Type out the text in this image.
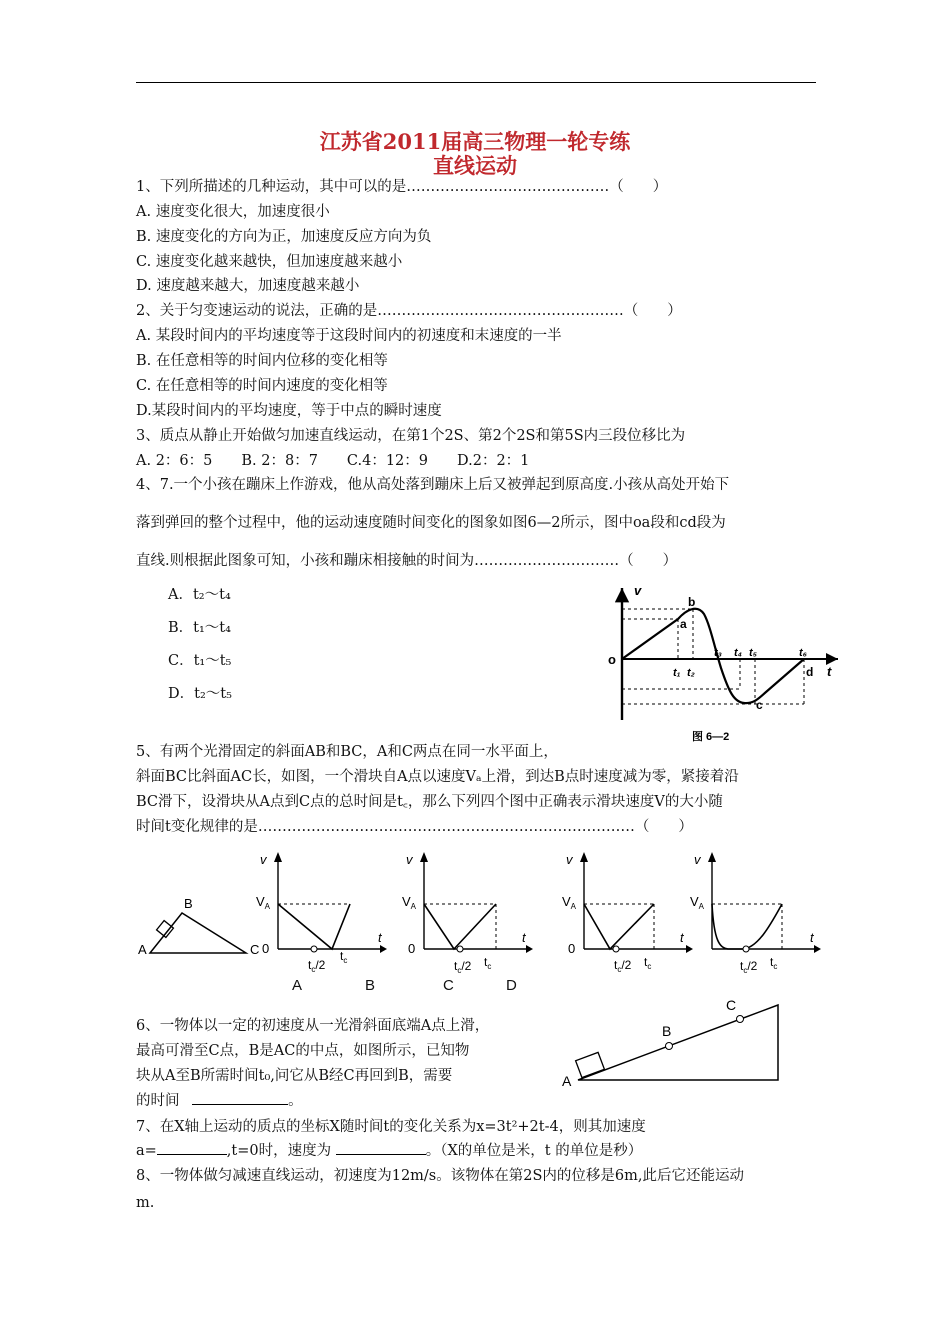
江苏省2011届高三物理一轮专练
直线运动
1、下列所描述的几种运动，其中可以的是……………………………………（　　）
A. 速度变化很大，加速度很小
B. 速度变化的方向为正，加速度反应方向为负
C. 速度变化越来越快，但加速度越来越小
D. 速度越来越大，加速度越来越小
2、关于匀变速运动的说法，正确的是……………………………………………（　　）
A. 某段时间内的平均速度等于这段时间内的初速度和末速度的一半
B. 在任意相等的时间内位移的变化相等
C. 在任意相等的时间内速度的变化相等
D.某段时间内的平均速度，等于中点的瞬时速度
3、质点从静止开始做匀加速直线运动，在第1个2S、第2个2S和第5S内三段位移比为
A. 2：6：5　　B. 2：8：7　　C.4：12：9　　D.2：2：1
4、7.一个小孩在蹦床上作游戏，他从高处落到蹦床上后又被弹起到原高度.小孩从高处开始下
落到弹回的整个过程中，他的运动速度随时间变化的图象如图6—2所示，图中oa段和cd段为
直线.则根据此图象可知，小孩和蹦床相接触的时间为…………………………（　　）
A．t₂～t₄
B．t₁～t₄
C．t₁～t₅
D．t₂～t₅
v
t
o
a
b
c
d
t₁ t₂
t₃ t₄ t₅	t₆
图 6—2
5、有两个光滑固定的斜面AB和BC，A和C两点在同一水平面上，
斜面BC比斜面AC长，如图，一个滑块自A点以速度Vₐ上滑，到达B点时速度减为零，紧接着沿
BC滑下，设滑块从A点到C点的总时间是t꜀，那么下列四个图中正确表示滑块速度V的大小随
时间t变化规律的是……………………………………………………………………（　　）
A
B
C
v
t
0
$V_A$
$t_c/2$
$t_c$
v
t
0
$V_A$
$t_c/2$ $t_c$
v
t
0
$V_A$
$t_c/2$ $t_c$
v
t
$V_A$
$t_c/2$ $t_c$
A	B	C	D
6、一物体以一定的初速度从一光滑斜面底端A点上滑，
最高可滑至C点，B是AC的中点，如图所示，已知物
块从A至B所需时间t₀,问它从B经C再回到B，需要
的时间	。
A
B
C
7、在X轴上运动的质点的坐标X随时间t的变化关系为x=3t²+2t-4，则其加速度
a=	,t=0时，速度为	。（X的单位是米，t 的单位是秒）
8、一物体做匀减速直线运动，初速度为12m/s。该物体在第2S内的位移是6m,此后它还能运动
m.
